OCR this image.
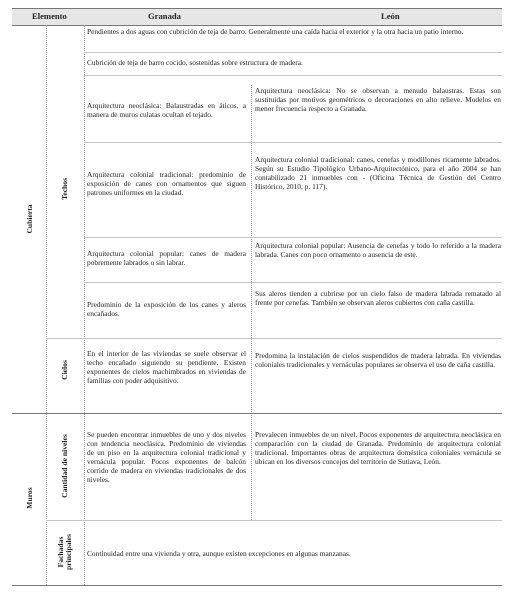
Elemento	Granada	León
Cubierta
Muros
Techos
Cielos
Cantidad de niveles
Fachadas
principales
Pendientes a dos aguas con cubrición de teja de barro. Generalmente una caída hacia el exterior y la otra hacia un patio interno.
Cubrición de teja de barro cocido, sostenidas sobre estructura de madera.
Arquitectura neoclásica: Balaustradas en áticos, a manera de muros culatas ocultan el tejado.
Arquitectura neoclásica: No se observan a menudo balaustras. Estas son sustituidas por motivos geométricos o decoraciones en alto relieve. Modelos en menor frecuencia respecto a Granada.
Arquitectura colonial tradicional: predominio de exposición de canes con ornamentos que siguen patrones uniformes en la ciudad.
Arquitectura colonial tradicional: canes, cenefas y modillones ricamente labrados. Según su Estudio Tipológico Urbano-Arquitectónico, para el año 2004 se han contabilizado 21 inmuebles con - (Oficina Técnica de Gestión del Centro Histórico, 2010, p. 117).
Arquitectura colonial popular: canes de madera pobremente labrados o sin labrar.
Arquitectura colonial popular: Ausencia de cenefas y todo lo referido a la madera labrada. Canes con poco ornamento o ausencia de este.
Predominio de la exposición de los canes y aleros encañados.
Sus aleros tienden a cubrirse por un cielo falso de madera labrada rematado al frente por cenefas. También se observan aleros cubiertos con caña castilla.
En el interior de las viviendas se suele observar el techo encañado siguiendo su pendiente. Existen exponentes de cielos machimbrados en viviendas de familias con poder adquisitivo.
Predomina la instalación de cielos suspendidos de madera labrada. En viviendas coloniales tradicionales y vernáculas populares se observa el uso de caña castilla.
Se pueden encontrar inmuebles de uno y dos niveles con tendencia neoclásica. Predominio de viviendas de un piso en la arquitectura colonial tradicional y vernácula popular. Pocos exponentes de balcón corrido de madera en viviendas tradicionales de dos niveles.
Prevalecen inmuebles de un nivel. Pocos exponentes de arquitectura neoclásica en comparación con la ciudad de Granada. Predominio de arquitectura colonial tradicional. Importantes obras de arquitectura doméstica coloniales vernácula se ubican en los diversos concejos del territorio de Sutiava, León.
Continuidad entre una vivienda y otra, aunque existen excepciones en algunas manzanas.
